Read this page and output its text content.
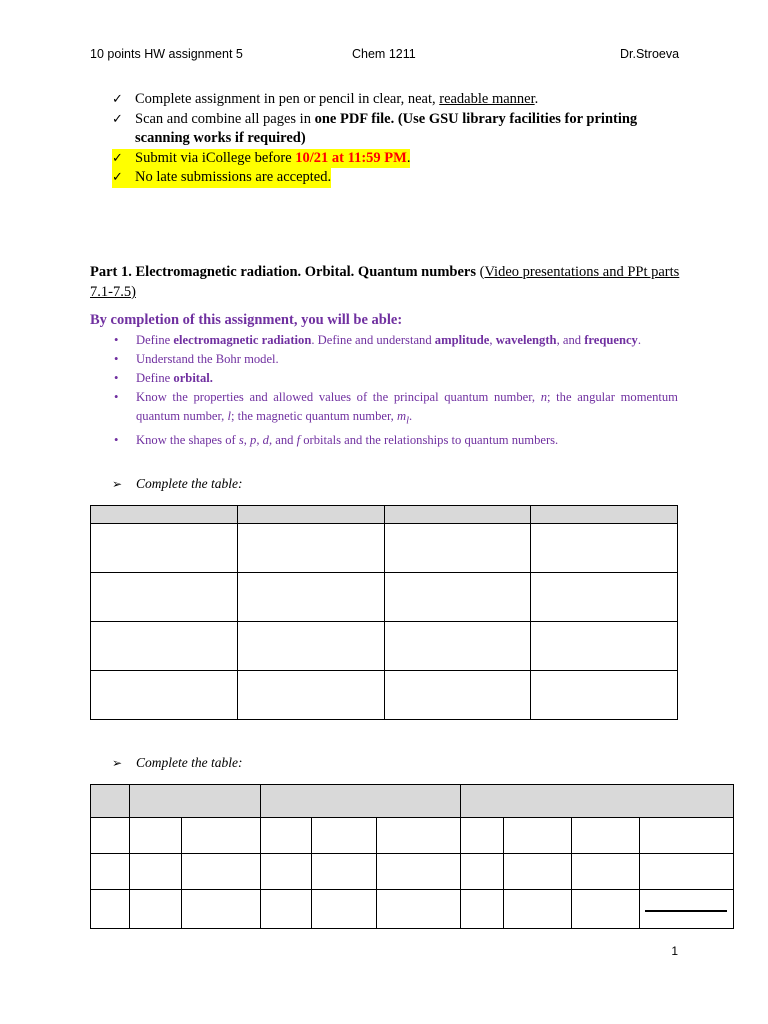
10 points HW assignment 5	Chem 1211	Dr.Stroeva
✓ Complete assignment in pen or pencil in clear, neat, readable manner.
✓ Scan and combine all pages in one PDF file. (Use GSU library facilities for printing scanning works if required)
✓ Submit via iCollege before 10/21 at 11:59 PM.
✓ No late submissions are accepted.
Part 1. Electromagnetic radiation. Orbital. Quantum numbers (Video presentations and PPt parts 7.1-7.5)
By completion of this assignment, you will be able:
• Define electromagnetic radiation. Define and understand amplitude, wavelength, and frequency.
• Understand the Bohr model.
• Define orbital.
• Know the properties and allowed values of the principal quantum number, n; the angular momentum quantum number, l; the magnetic quantum number, $m_l$.
• Know the shapes of s, p, d, and f orbitals and the relationships to quantum numbers.
➢	Complete the table:

➢	Complete the table:

1
